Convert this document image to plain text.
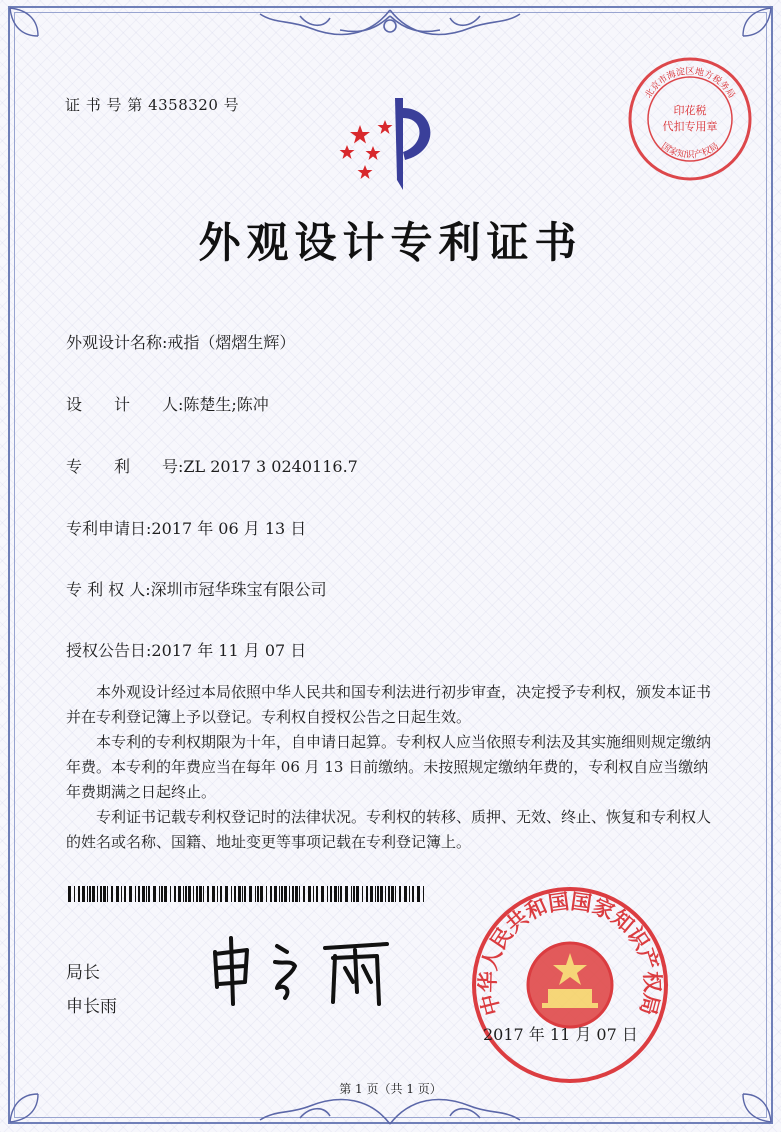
证 书 号 第 4358320 号
北京市海淀区地方税务局
国家知识产权局
印花税
代扣专用章
外观设计专利证书
外观设计名称:戒指（熠熠生辉）
设　　计　　人:陈楚生;陈冲
专　　利　　号:ZL 2017 3 0240116.7
专利申请日:2017 年 06 月 13 日
专 利 权 人:深圳市冠华珠宝有限公司
授权公告日:2017 年 11 月 07 日

本外观设计经过本局依照中华人民共和国专利法进行初步审查，决定授予专利权，颁发本证书并在专利登记簿上予以登记。专利权自授权公告之日起生效。

本专利的专利权期限为十年，自申请日起算。专利权人应当依照专利法及其实施细则规定缴纳年费。本专利的年费应当在每年 06 月 13 日前缴纳。未按照规定缴纳年费的，专利权自应当缴纳年费期满之日起终止。

专利证书记载专利权登记时的法律状况。专利权的转移、质押、无效、终止、恢复和专利权人的姓名或名称、国籍、地址变更等事项记载在专利登记簿上。

局长
申长雨	中华人民共和国国家知识产权局
2017 年 11 月 07 日
第 1 页（共 1 页）
